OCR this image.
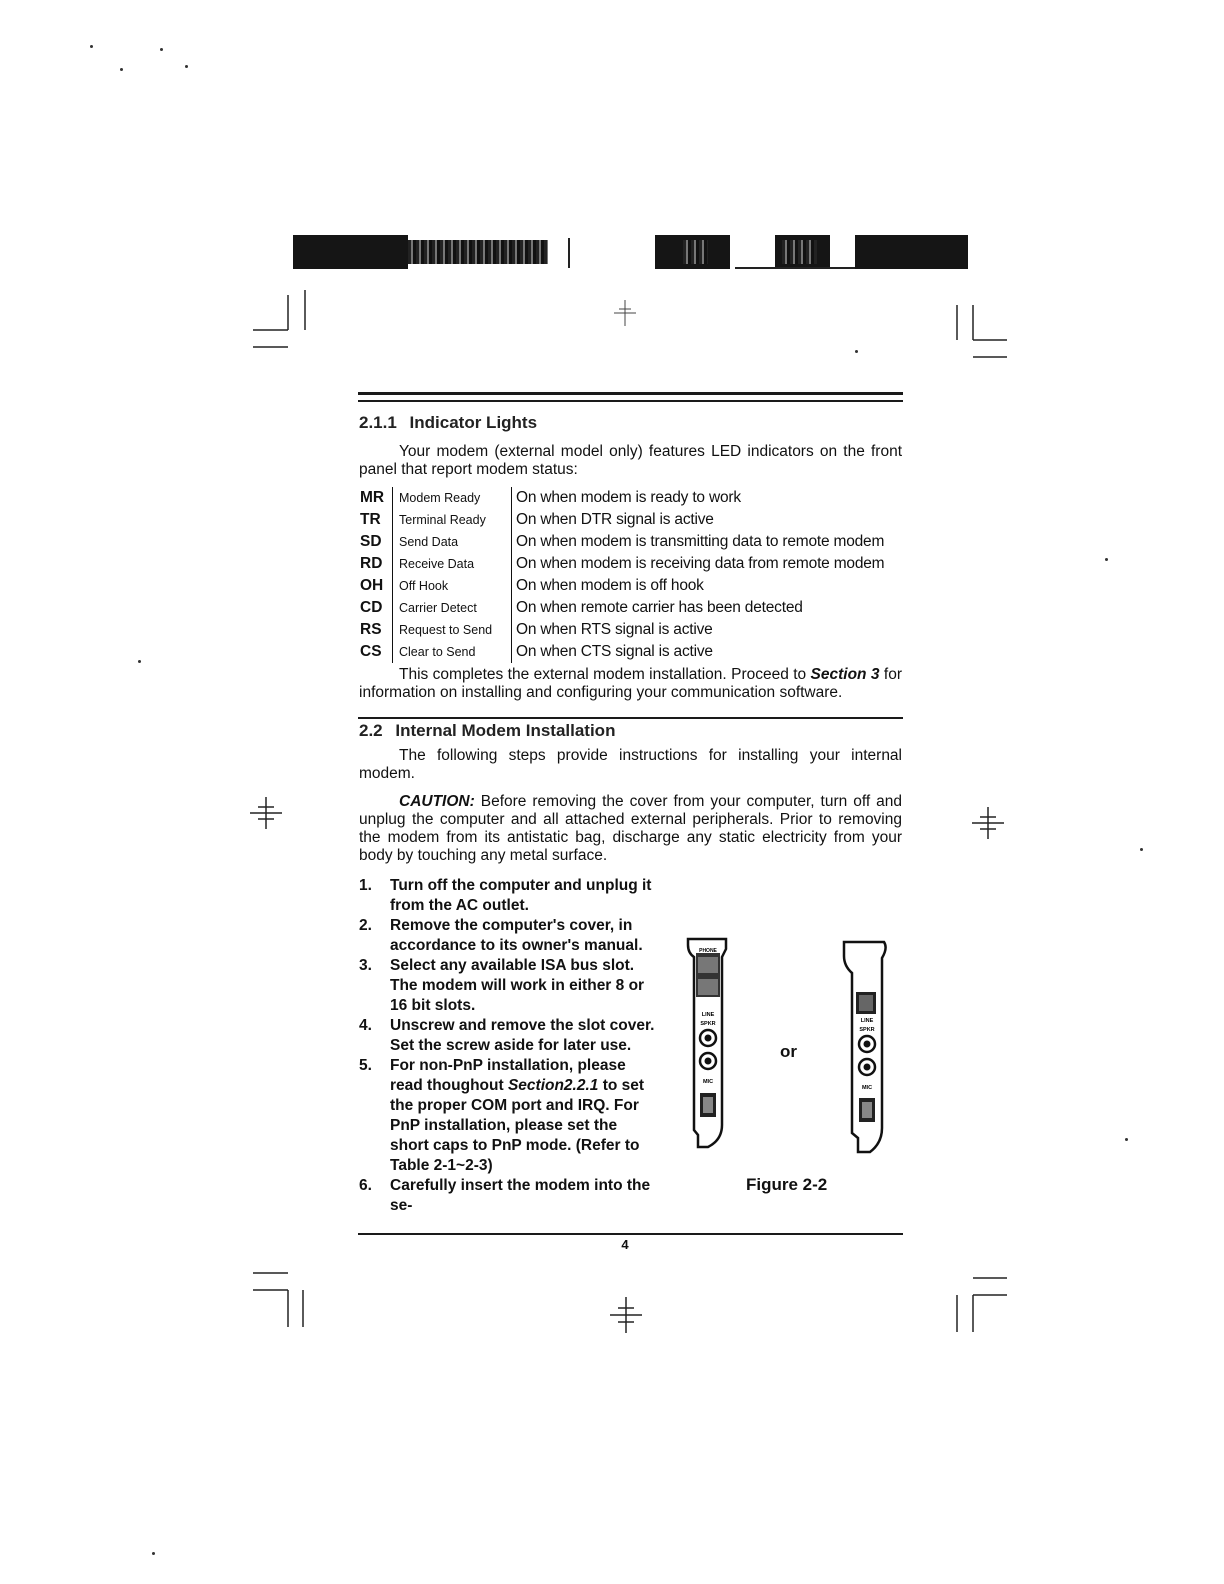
2.1.1 Indicator Lights
Your modem (external model only) features LED indicators on the front panel that report modem status:
MR	Modem Ready	On when modem is ready to work
TR	Terminal Ready	On when DTR signal is active
SD	Send Data	On when modem is transmitting data to remote modem
RD	Receive Data	On when modem is receiving data from remote modem
OH	Off Hook	On when modem is off hook
CD	Carrier Detect	On when remote carrier has been detected
RS	Request to Send	On when RTS signal is active
CS	Clear to Send	On when CTS signal is active
This completes the external modem installation. Proceed to Section 3 for information on installing and configuring your communication software.
2.2 Internal Modem Installation
The following steps provide instructions for installing your internal modem.
CAUTION: Before removing the cover from your computer, turn off and unplug the computer and all attached external peripherals. Prior to removing the modem from its antistatic bag, discharge any static electricity from your body by touching any metal surface.
1. Turn off the computer and unplug it from the AC outlet.
2. Remove the computer's cover, in accordance to its owner's manual.
3. Select any available ISA bus slot. The modem will work in either 8 or 16 bit slots.
4. Unscrew and remove the slot cover. Set the screw aside for later use.
5. For non-PnP installation, please read thoughout Section2.2.1 to set the proper COM port and IRQ. For PnP installation, please set the short caps to PnP mode. (Refer to Table 2-1~2-3)
6. Carefully insert the modem into the se-
PHONE
LINE
SPKR
MIC
or
LINE
SPKR
MIC
Figure 2-2
4
